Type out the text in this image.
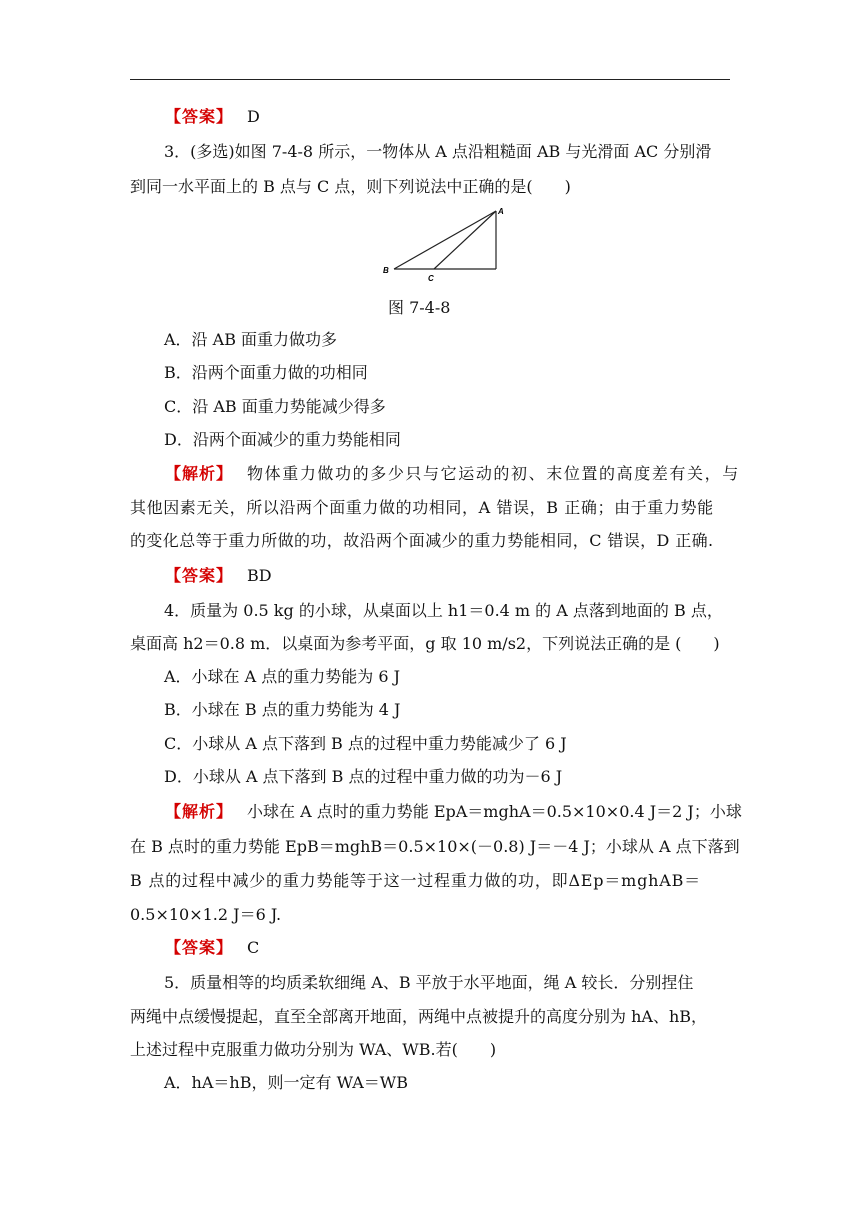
【答案】 D
3．(多选)如图 7-4-8 所示，一物体从 A 点沿粗糙面 AB 与光滑面 AC 分别滑
到同一水平面上的 B 点与 C 点，则下列说法中正确的是(　　)
A
B
C
图 7-4-8
A．沿 AB 面重力做功多
B．沿两个面重力做的功相同
C．沿 AB 面重力势能减少得多
D．沿两个面减少的重力势能相同
【解析】 物体重力做功的多少只与它运动的初、末位置的高度差有关，与
其他因素无关，所以沿两个面重力做的功相同，A 错误，B 正确；由于重力势能
的变化总等于重力所做的功，故沿两个面减少的重力势能相同，C 错误，D 正确.
【答案】 BD
4．质量为 0.5 kg 的小球，从桌面以上 h1＝0.4 m 的 A 点落到地面的 B 点，
桌面高 h2＝0.8 m．以桌面为参考平面，g 取 10 m/s2，下列说法正确的是 (　　)
A．小球在 A 点的重力势能为 6 J
B．小球在 B 点的重力势能为 4 J
C．小球从 A 点下落到 B 点的过程中重力势能减少了 6 J
D．小球从 A 点下落到 B 点的过程中重力做的功为－6 J
【解析】 小球在 A 点时的重力势能 EpA＝mghA＝0.5×10×0.4 J＝2 J；小球
在 B 点时的重力势能 EpB＝mghB＝0.5×10×(－0.8) J＝－4 J；小球从 A 点下落到
B 点的过程中减少的重力势能等于这一过程重力做的功，即ΔEp＝mghAB＝
0.5×10×1.2 J＝6 J.
【答案】 C
5．质量相等的均质柔软细绳 A、B 平放于水平地面，绳 A 较长．分别捏住
两绳中点缓慢提起，直至全部离开地面，两绳中点被提升的高度分别为 hA、hB，
上述过程中克服重力做功分别为 WA、WB.若(　　)
A．hA＝hB，则一定有 WA＝WB
